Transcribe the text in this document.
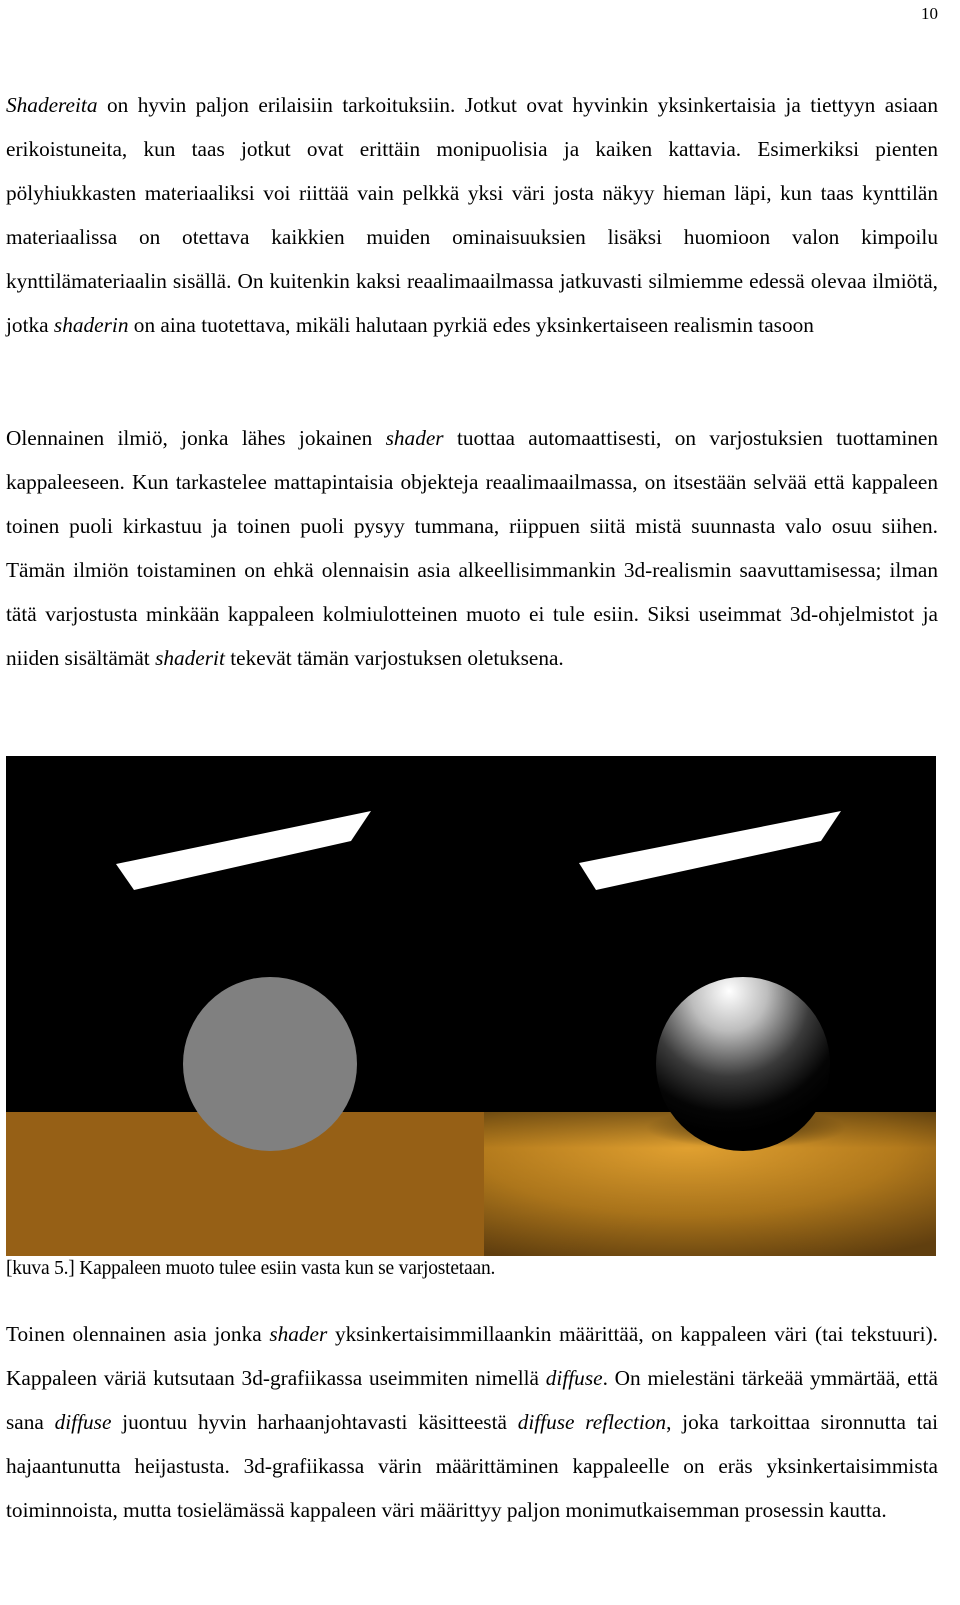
10

Shadereita on hyvin paljon erilaisiin tarkoituksiin. Jotkut ovat hyvinkin yksinkertaisia ja tiettyyn asiaan erikoistuneita, kun taas jotkut ovat erittäin monipuolisia ja kaiken kattavia. Esimerkiksi pienten pölyhiukkasten materiaaliksi voi riittää vain pelkkä yksi väri josta näkyy hieman läpi, kun taas kynttilän materiaalissa on otettava kaikkien muiden ominaisuuksien lisäksi huomioon valon kimpoilu kynttilämateriaalin sisällä. On kuitenkin kaksi reaalimaailmassa jatkuvasti silmiemme edessä olevaa ilmiötä, jotka shaderin on aina tuotettava, mikäli halutaan pyrkiä edes yksinkertaiseen realismin tasoon

Olennainen ilmiö, jonka lähes jokainen shader tuottaa automaattisesti, on varjostuksien tuottaminen kappaleeseen. Kun tarkastelee mattapintaisia objekteja reaalimaailmassa, on itsestään selvää että kappaleen toinen puoli kirkastuu ja toinen puoli pysyy tummana, riippuen siitä mistä suunnasta valo osuu siihen. Tämän ilmiön toistaminen on ehkä olennaisin asia alkeellisimmankin 3d-realismin saavuttamisessa; ilman tätä varjostusta minkään kappaleen kolmiulotteinen muoto ei tule esiin. Siksi useimmat 3d-ohjelmistot ja niiden sisältämät shaderit tekevät tämän varjostuksen oletuksena.

[kuva 5.] Kappaleen muoto tulee esiin vasta kun se varjostetaan.

Toinen olennainen asia jonka shader yksinkertaisimmillaankin määrittää, on kappaleen väri (tai tekstuuri). Kappaleen väriä kutsutaan 3d-grafiikassa useimmiten nimellä diffuse. On mielestäni tärkeää ymmärtää, että sana diffuse juontuu hyvin harhaanjohtavasti käsitteestä diffuse reflection, joka tarkoittaa sironnutta tai hajaantunutta heijastusta. 3d-grafiikassa värin määrittäminen kappaleelle on eräs yksinkertaisimmista toiminnoista, mutta tosielämässä kappaleen väri määrittyy paljon monimutkaisemman prosessin kautta.
